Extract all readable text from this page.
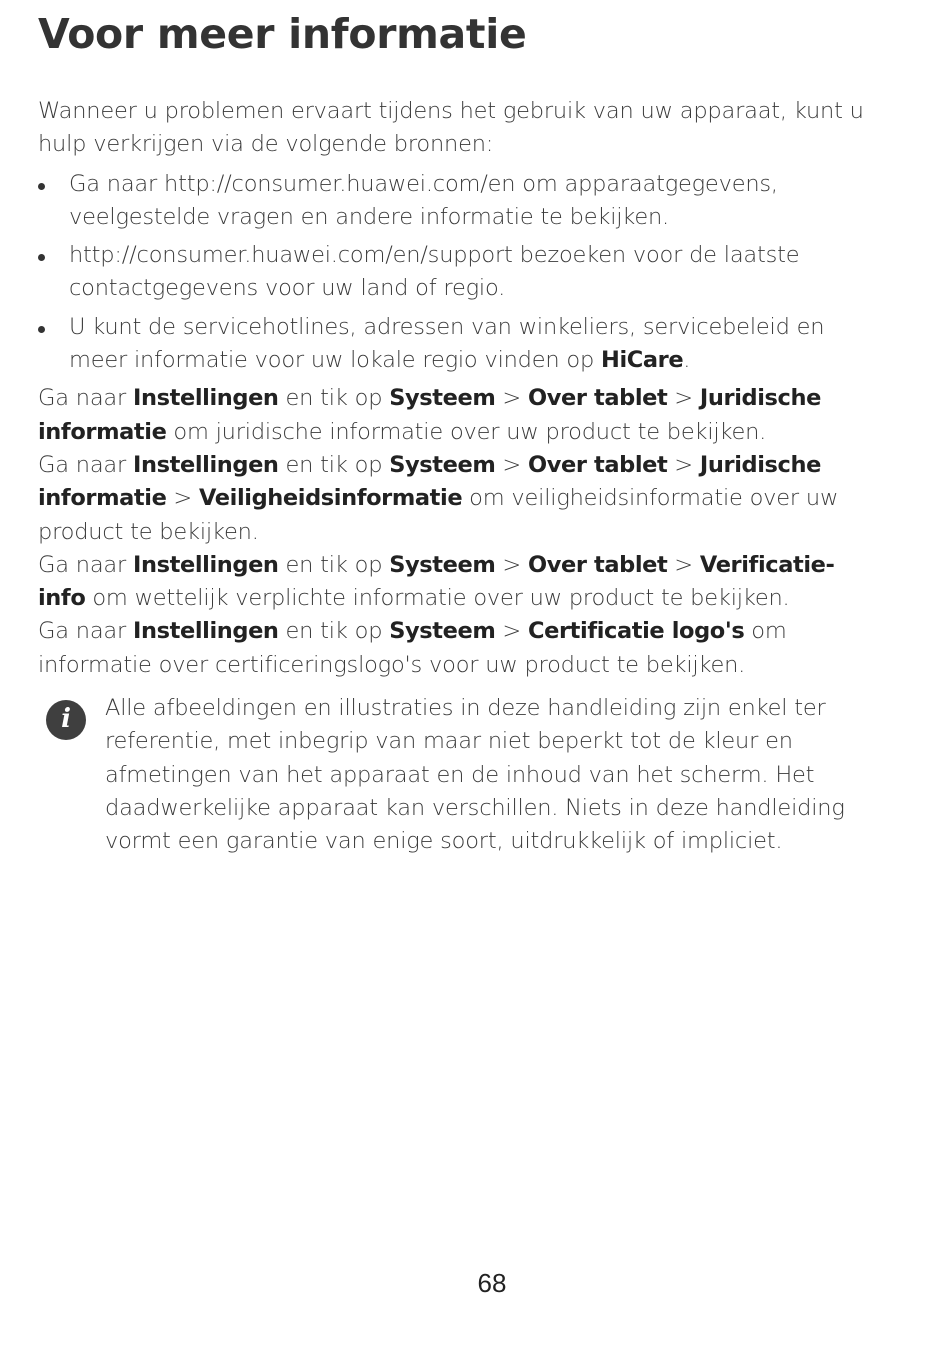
Voor meer informatie

Wanneer u problemen ervaart tijdens het gebruik van uw apparaat, kunt u hulp verkrijgen via de volgende bronnen:

Ga naar http://consumer.huawei.com/en om apparaatgegevens, veelgestelde vragen en andere informatie te bekijken.
http://consumer.huawei.com/en/support bezoeken voor de laatste contactgegevens voor uw land of regio.
U kunt de servicehotlines, adressen van winkeliers, servicebeleid en meer informatie voor uw lokale regio vinden op HiCare.

Ga naar Instellingen en tik op Systeem > Over tablet > Juridische informatie om juridische informatie over uw product te bekijken.

Ga naar Instellingen en tik op Systeem > Over tablet > Juridische informatie > Veiligheidsinformatie om veiligheidsinformatie over uw product te bekijken.

Ga naar Instellingen en tik op Systeem > Over tablet > Verificatie-info om wettelijk verplichte informatie over uw product te bekijken.

Ga naar Instellingen en tik op Systeem > Certificatie logo's om informatie over certificeringslogo's voor uw product te bekijken.

i	Alle afbeeldingen en illustraties in deze handleiding zijn enkel ter referentie, met inbegrip van maar niet beperkt tot de kleur en afmetingen van het apparaat en de inhoud van het scherm. Het daadwerkelijke apparaat kan verschillen. Niets in deze handleiding vormt een garantie van enige soort, uitdrukkelijk of impliciet.

68
